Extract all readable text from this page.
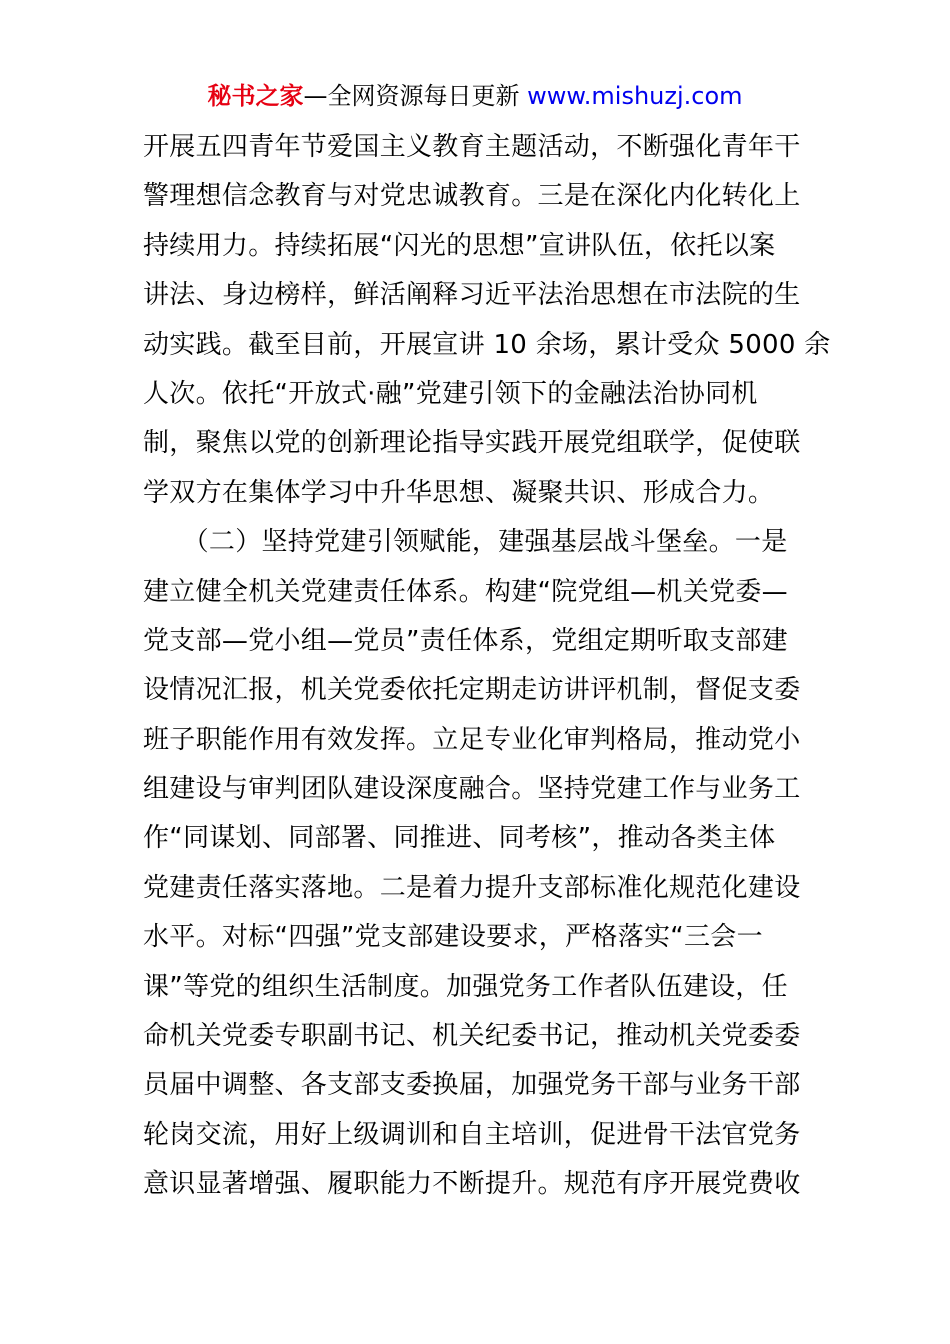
秘书之家—全网资源每日更新 www.mishuzj.com
开展五四青年节爱国主义教育主题活动，不断强化青年干
警理想信念教育与对党忠诚教育。三是在深化内化转化上
持续用力。持续拓展“闪光的思想”宣讲队伍，依托以案
讲法、身边榜样，鲜活阐释习近平法治思想在市法院的生
动实践。截至目前，开展宣讲 10 余场，累计受众 5000 余
人次。依托“开放式·融”党建引领下的金融法治协同机
制，聚焦以党的创新理论指导实践开展党组联学，促使联
学双方在集体学习中升华思想、凝聚共识、形成合力。
　　（二）坚持党建引领赋能，建强基层战斗堡垒。一是
建立健全机关党建责任体系。构建“院党组—机关党委—
党支部—党小组—党员”责任体系，党组定期听取支部建
设情况汇报，机关党委依托定期走访讲评机制，督促支委
班子职能作用有效发挥。立足专业化审判格局，推动党小
组建设与审判团队建设深度融合。坚持党建工作与业务工
作“同谋划、同部署、同推进、同考核”，推动各类主体
党建责任落实落地。二是着力提升支部标准化规范化建设
水平。对标“四强”党支部建设要求，严格落实“三会一
课”等党的组织生活制度。加强党务工作者队伍建设，任
命机关党委专职副书记、机关纪委书记，推动机关党委委
员届中调整、各支部支委换届，加强党务干部与业务干部
轮岗交流，用好上级调训和自主培训，促进骨干法官党务
意识显著增强、履职能力不断提升。规范有序开展党费收
